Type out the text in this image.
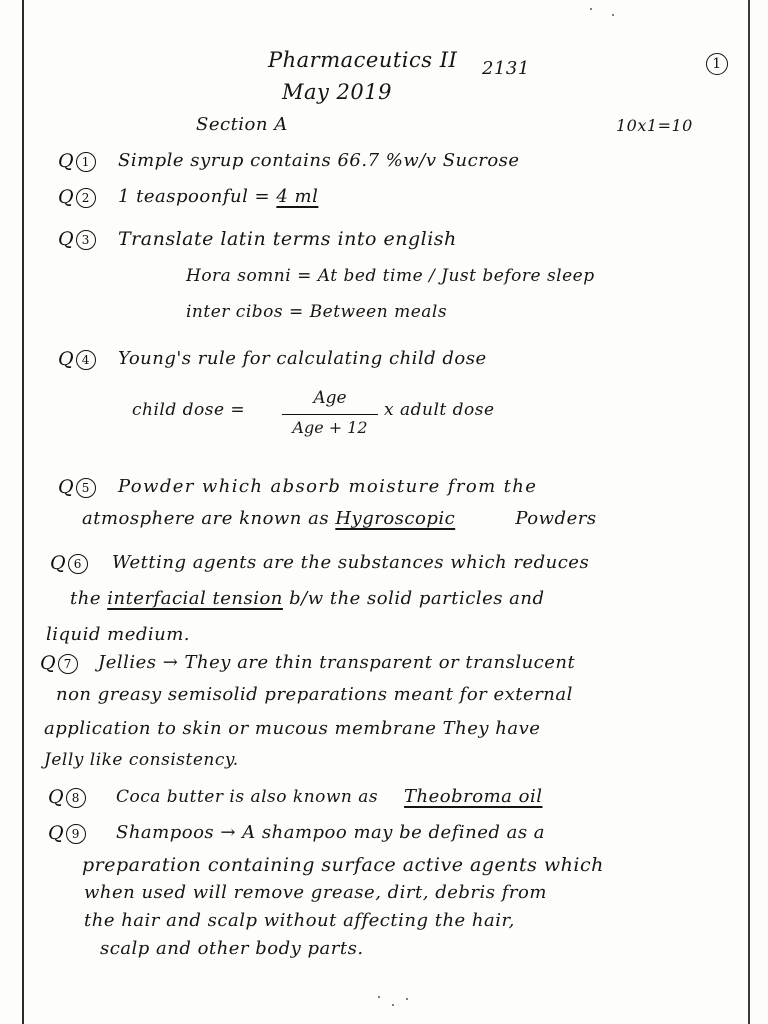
Pharmaceutics II 2131	1
May 2019
Section A	10x1=10
Q 1	Simple syrup contains 66.7 %w/v Sucrose
Q 2	1 teaspoonful = 4 ml
Q 3	Translate latin terms into english
Hora somni = At bed time / Just before sleep
inter cibos = Between meals
Q 4	Young's rule for calculating child dose
child dose =
Age
Age + 12
x adult dose
Q 5	Powder which absorb moisture from the
atmosphere are known as Hygroscopic	Powders
Q 6	Wetting agents are the substances which reduces
the interfacial tension b/w the solid particles and
liquid medium.
Q 7	Jellies → They are thin transparent or translucent
non greasy semisolid preparations meant for external
application to skin or mucous membrane They have
Jelly like consistency.
Q 8	Coca butter is also known as Theobroma oil
Q 9	Shampoos → A shampoo may be defined as a
preparation containing surface active agents which
when used will remove grease, dirt, debris from
the hair and scalp without affecting the hair,
scalp and other body parts.
